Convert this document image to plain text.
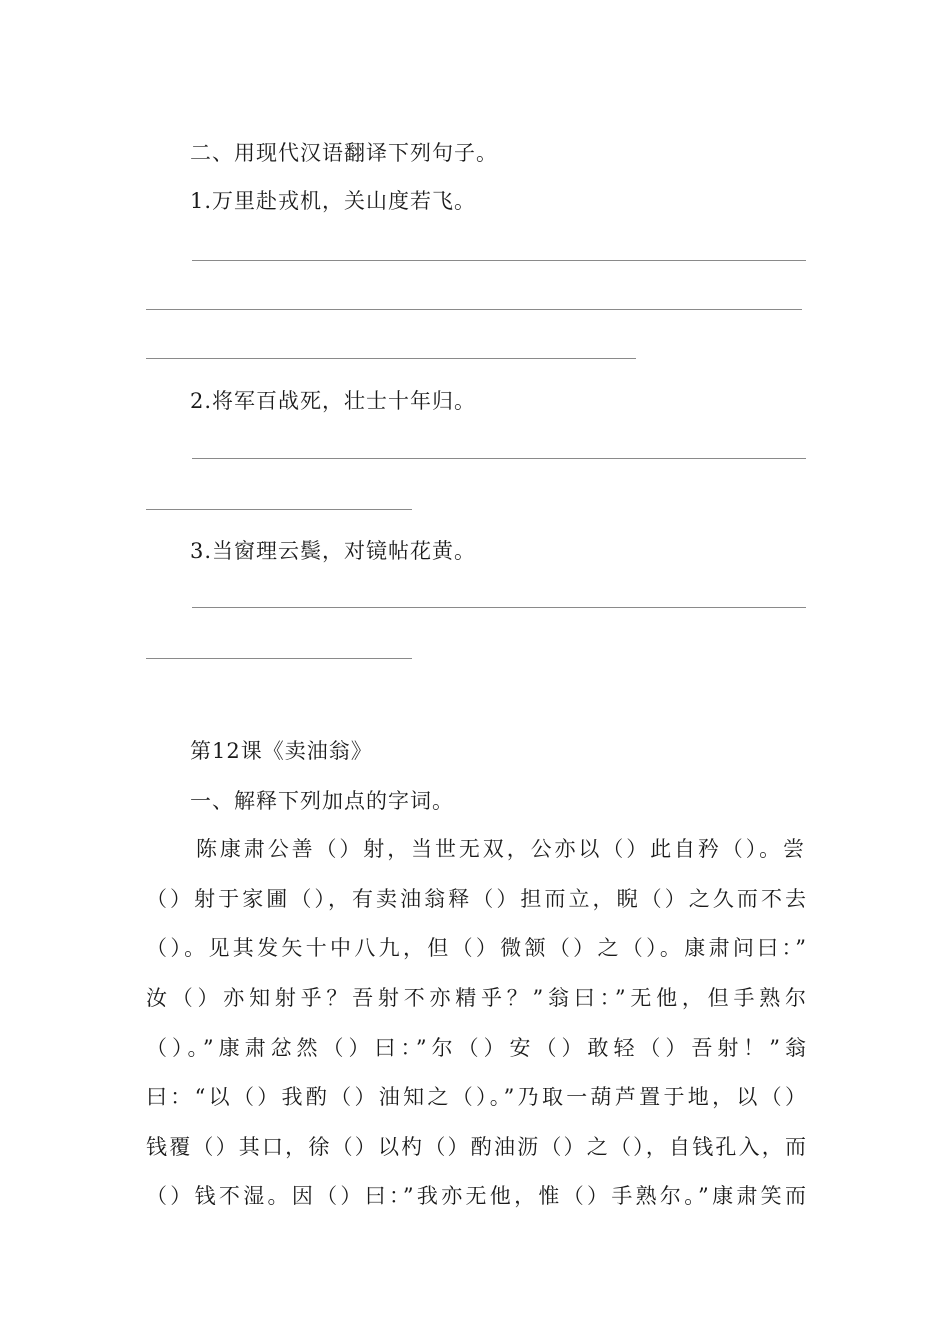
二、用现代汉语翻译下列句子。
1.万里赴戎机，关山度若飞。
2.将军百战死，壮士十年归。
3.当窗理云鬓，对镜帖花黄。
第12课《卖油翁》
一、解释下列加点的字词。
陈康肃公善（）射，当世无双，公亦以（）此自矜（）。尝
（）射于家圃（），有卖油翁释（）担而立，睨（）之久而不去
（）。见其发矢十中八九，但（）微颔（）之（）。康肃问曰：”
汝（）亦知射乎？吾射不亦精乎？”翁曰：”无他，但手熟尔
（）。”康肃忿然（）曰：”尔（）安（）敢轻（）吾射！”翁
曰：“以（）我酌（）油知之（）。”乃取一葫芦置于地，以（）
钱覆（）其口，徐（）以杓（）酌油沥（）之（），自钱孔入，而
（）钱不湿。因（）曰：”我亦无他，惟（）手熟尔。”康肃笑而
